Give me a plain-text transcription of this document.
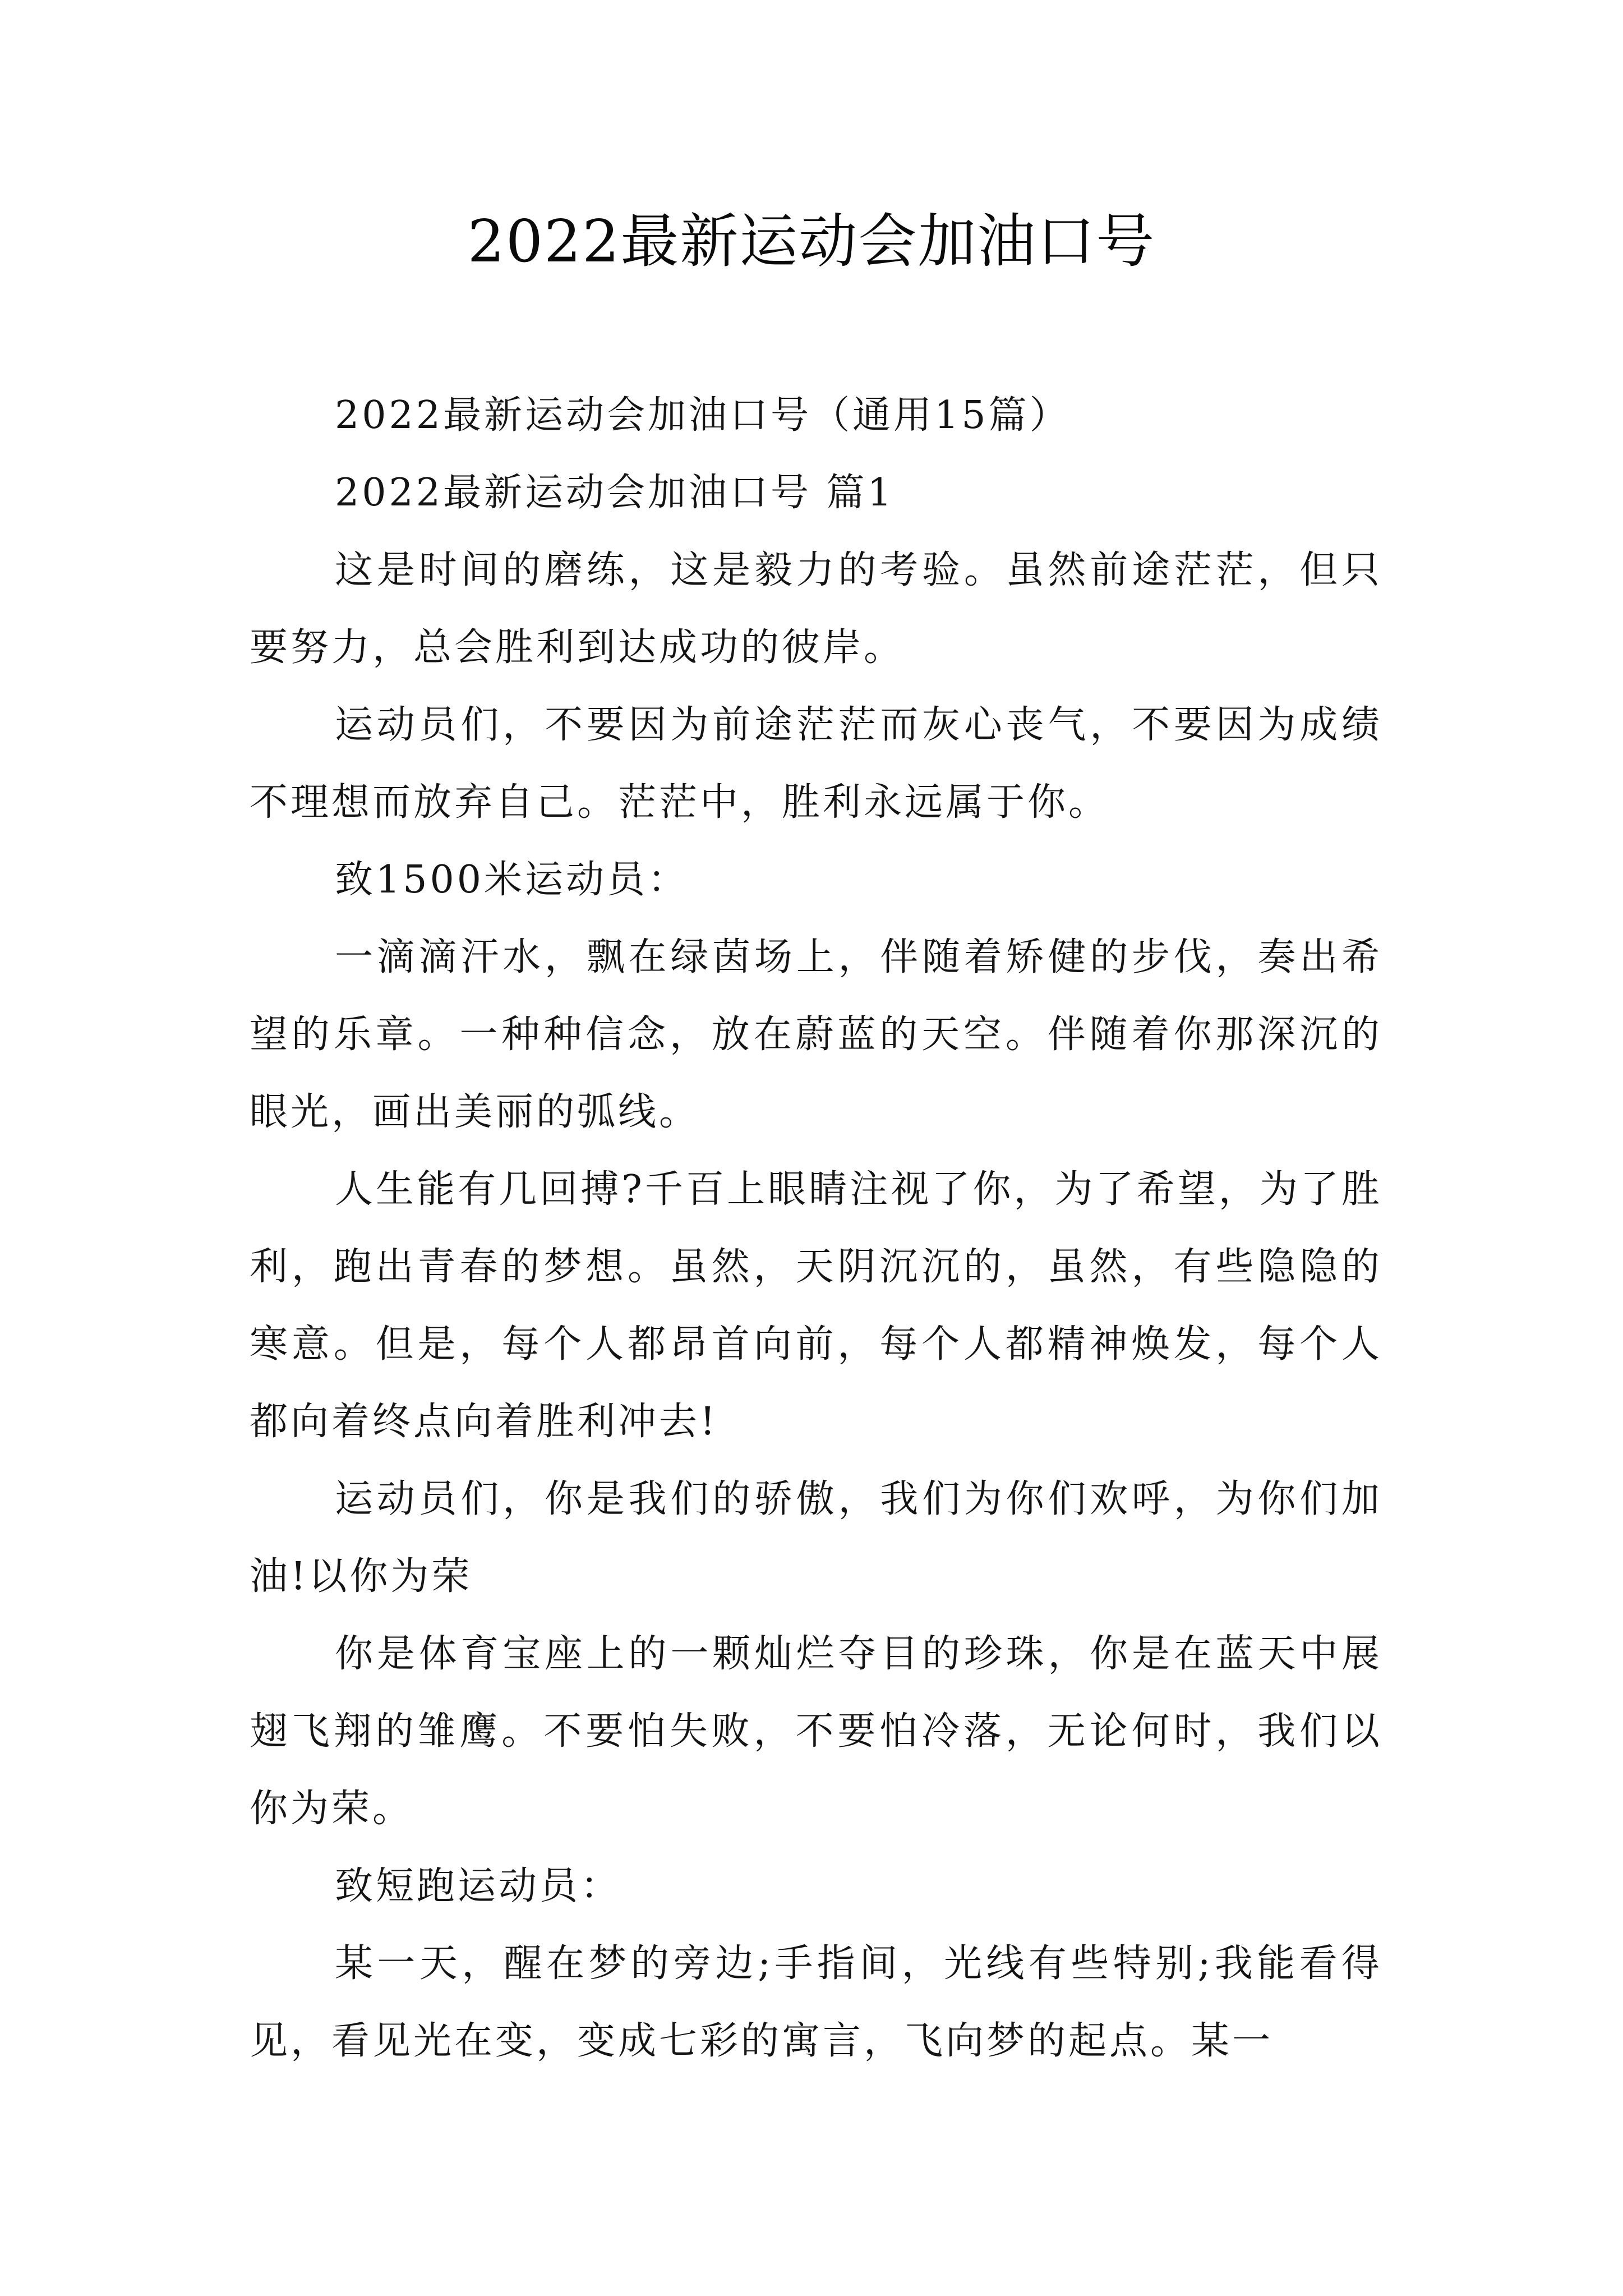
2022最新运动会加油口号

2022最新运动会加油口号（通用15篇）

2022最新运动会加油口号 篇1

这是时间的磨练，这是毅力的考验。虽然前途茫茫，但只要努力，总会胜利到达成功的彼岸。

运动员们，不要因为前途茫茫而灰心丧气，不要因为成绩不理想而放弃自己。茫茫中，胜利永远属于你。

致1500米运动员：

一滴滴汗水，飘在绿茵场上，伴随着矫健的步伐，奏出希望的乐章。一种种信念，放在蔚蓝的天空。伴随着你那深沉的眼光，画出美丽的弧线。

人生能有几回搏?千百上眼睛注视了你，为了希望，为了胜利，跑出青春的梦想。虽然，天阴沉沉的，虽然，有些隐隐的寒意。但是，每个人都昂首向前，每个人都精神焕发，每个人都向着终点向着胜利冲去!

运动员们，你是我们的骄傲，我们为你们欢呼，为你们加油!以你为荣

你是体育宝座上的一颗灿烂夺目的珍珠，你是在蓝天中展翅飞翔的雏鹰。不要怕失败，不要怕冷落，无论何时，我们以你为荣。

致短跑运动员：

某一天，醒在梦的旁边;手指间，光线有些特别;我能看得见，看见光在变，变成七彩的寓言，飞向梦的起点。某一
